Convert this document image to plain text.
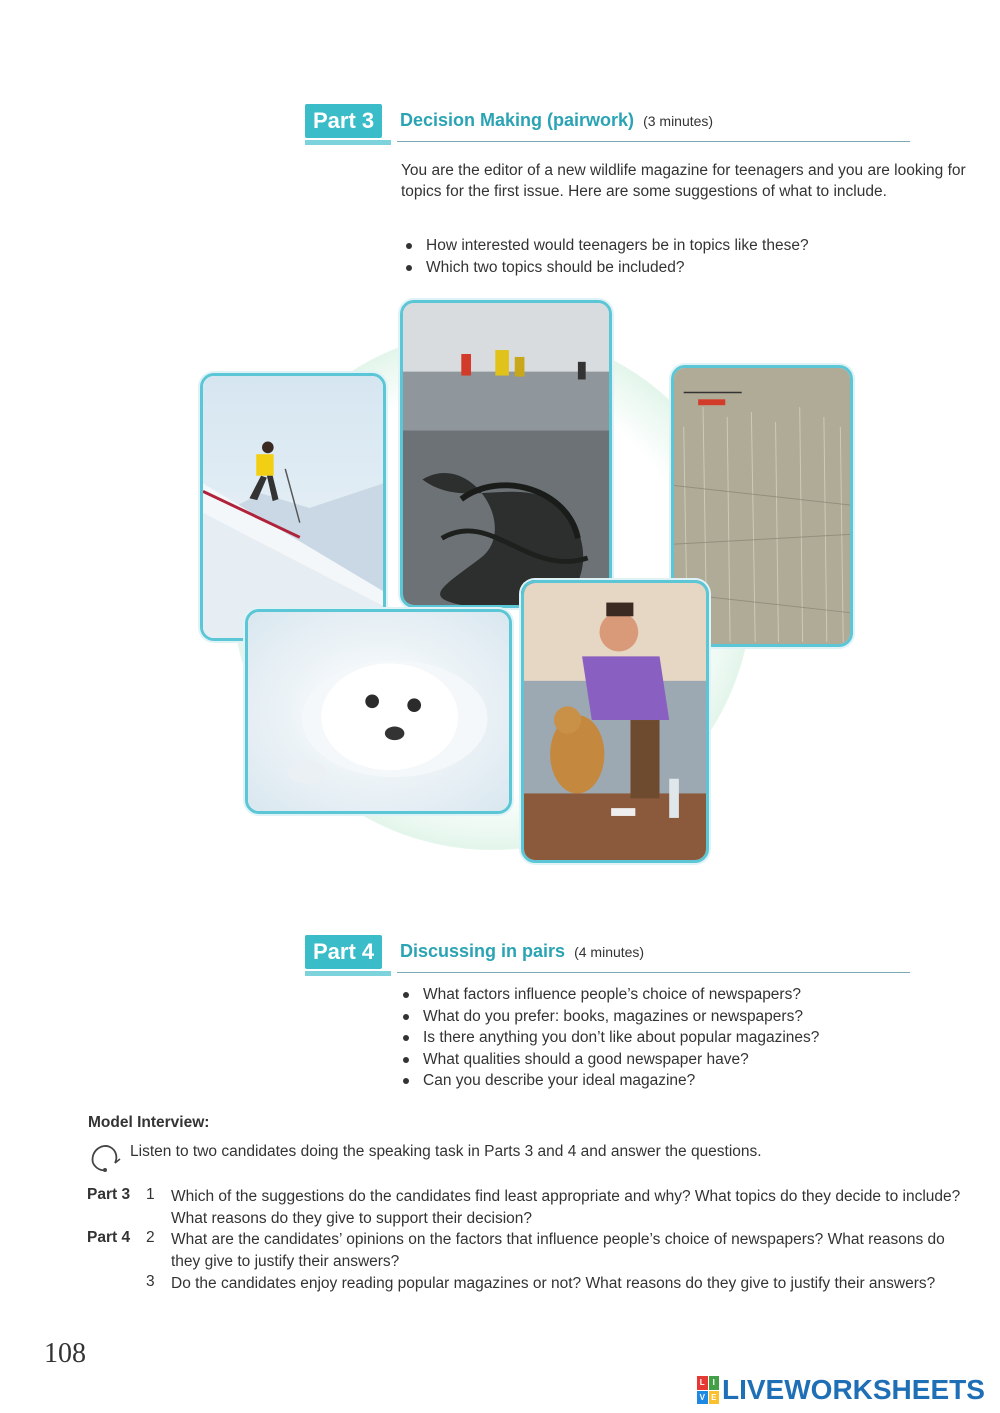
Part 3	Decision Making (pairwork) (3 minutes)
You are the editor of a new wildlife magazine for teenagers and you are looking for topics for the first issue. Here are some suggestions of what to include.
How interested would teenagers be in topics like these?
Which two topics should be included?
Part 4	Discussing in pairs (4 minutes)
What factors influence people’s choice of newspapers?
What do you prefer: books, magazines or newspapers?
Is there anything you don’t like about popular magazines?
What qualities should a good newspaper have?
Can you describe your ideal magazine?
Model Interview:
Listen to two candidates doing the speaking task in Parts 3 and 4 and answer the questions.
Part 3 1 Which of the suggestions do the candidates find least appropriate and why? What topics do they decide to include? What reasons do they give to support their decision?
Part 4 2 What are the candidates’ opinions on the factors that influence people’s choice of newspapers? What reasons do they give to justify their answers?
3 Do the candidates enjoy reading popular magazines or not? What reasons do they give to justify their answers?
108
L I
V E LIVEWORKSHEETS
